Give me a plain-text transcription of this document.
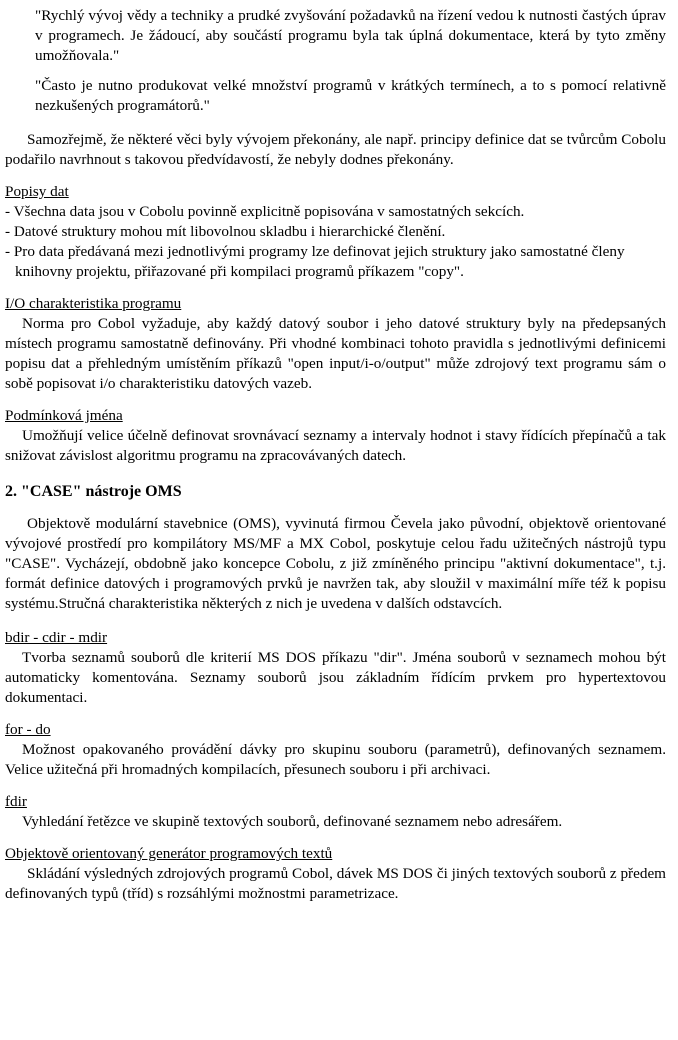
"Rychlý vývoj vědy a techniky a prudké zvyšování požadavků na řízení vedou k nutnosti častých úprav v programech. Je žádoucí, aby součástí programu byla tak úplná dokumentace, která by tyto změny umožňovala."

"Často je nutno produkovat velké množství programů v krátkých termínech, a to s pomocí relativně nezkušených programátorů."

Samozřejmě, že některé věci byly vývojem překonány, ale např. principy definice dat se tvůrcům Cobolu podařilo navrhnout s takovou předvídavostí, že nebyly dodnes překonány.

Popisy dat

- Všechna data jsou v Cobolu povinně explicitně popisována v samostatných sekcích.
- Datové struktury mohou mít libovolnou skladbu i hierarchické členění.
- Pro data předávaná mezi jednotlivými programy lze definovat jejich struktury jako samostatné členy knihovny projektu, přiřazované při kompilaci programů příkazem "copy".

I/O charakteristika programu

Norma pro Cobol vyžaduje, aby každý datový soubor i jeho datové struktury byly na předepsaných místech programu samostatně definovány. Při vhodné kombinaci tohoto pravidla s jednotlivými definicemi popisu dat a přehledným umístěním příkazů "open input/i-o/output" může zdrojový text programu sám o sobě popisovat i/o charakteristiku datových vazeb.

Podmínková jména

Umožňují velice účelně definovat srovnávací seznamy a intervaly hodnot i stavy řídících přepínačů a tak snižovat závislost algoritmu programu na zpracovávaných datech.

2. "CASE" nástroje OMS

Objektově modulární stavebnice (OMS), vyvinutá firmou Čevela jako původní, objektově orientované vývojové prostředí pro kompilátory MS/MF a MX Cobol, poskytuje celou řadu užitečných nástrojů typu "CASE". Vycházejí, obdobně jako koncepce Cobolu, z již zmíněného principu "aktivní dokumentace", t.j. formát definice datových i programových prvků je navržen tak, aby sloužil v maximální míře též k popisu systému.Stručná charakteristika některých z nich je uvedena v dalších odstavcích.

bdir - cdir - mdir

Tvorba seznamů souborů dle kriterií MS DOS příkazu "dir". Jména souborů v seznamech mohou být automaticky komentována. Seznamy souborů jsou základním řídícím prvkem pro hypertextovou dokumentaci.

for - do

Možnost opakovaného provádění dávky pro skupinu souboru (parametrů), definovaných seznamem. Velice užitečná při hromadných kompilacích, přesunech souboru i při archivaci.

fdir

Vyhledání řetězce ve skupině textových souborů, definované seznamem nebo adresářem.

Objektově orientovaný generátor programových textů

Skládání výsledných zdrojových programů Cobol, dávek MS DOS či jiných textových souborů z předem definovaných typů (tříd) s rozsáhlými možnostmi parametrizace.
